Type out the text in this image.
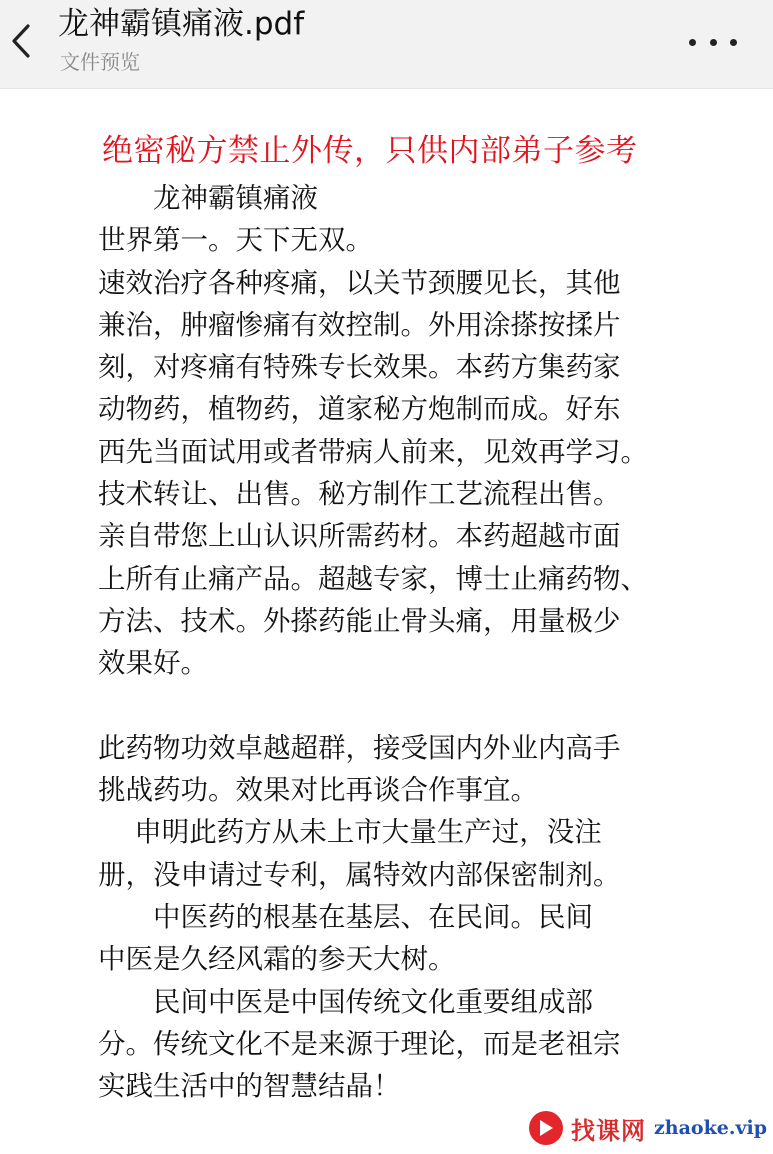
龙神霸镇痛液.pdf
文件预览
绝密秘方禁止外传，只供内部弟子参考
　　龙神霸镇痛液
世界第一。天下无双。
速效治疗各种疼痛，以关节颈腰见长，其他
兼治，肿瘤惨痛有效控制。外用涂搽按揉片
刻，对疼痛有特殊专长效果。本药方集药家
动物药，植物药，道家秘方炮制而成。好东
西先当面试用或者带病人前来，见效再学习。
技术转让、出售。秘方制作工艺流程出售。
亲自带您上山认识所需药材。本药超越市面
上所有止痛产品。超越专家，博士止痛药物、
方法、技术。外搽药能止骨头痛，用量极少
效果好。
此药物功效卓越超群，接受国内外业内高手
挑战药功。效果对比再谈合作事宜。
　 申明此药方从未上市大量生产过，没注
册，没申请过专利，属特效内部保密制剂。
　　中医药的根基在基层、在民间。民间
中医是久经风霜的参天大树。
　　民间中医是中国传统文化重要组成部
分。传统文化不是来源于理论，而是老祖宗
实践生活中的智慧结晶！
找课网 zhaoke.vip
